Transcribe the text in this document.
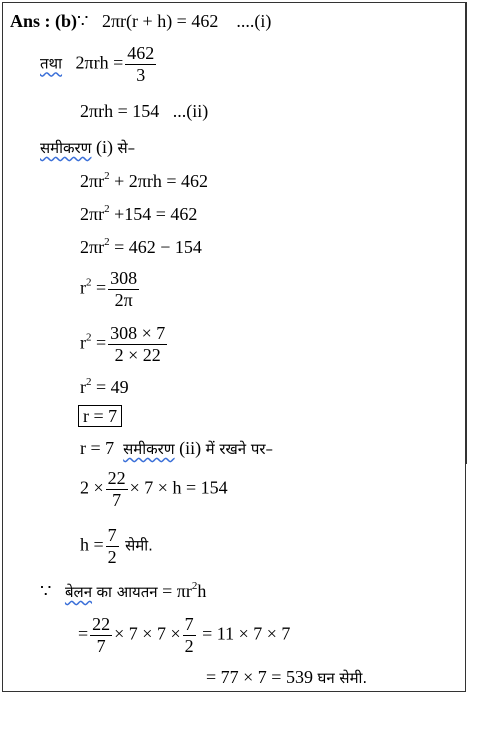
Ans : (b)∵ 2πr(r + h) = 462 ....(i)
तथा $2\pi rh = \frac{462}{3}$
2πrh = 154 ...(ii)
समीकरण (i) से–
$2\pi r^2 + 2\pi rh = 462$
$2\pi r^2 +154 = 462$
$2\pi r^2 = 462 - 154$
$r^2 = \frac{308}{2\pi}$
$r^2 = \frac{308 \times 7}{2 \times 22}$
$r^2 = 49$
r = 7
r = 7 समीकरण (ii) में रखने पर–
$2 \times \frac{22}{7} \times 7 \times h = 154$
$h = \frac{7}{2}$ सेमी.
∵ बेलन का आयतन = $\pi r^2h$
= $\frac{22}{7} \times 7 \times 7 \times \frac{7}{2} = 11 \times 7 \times 7$
= 77 × 7 = 539 घन सेमी.
